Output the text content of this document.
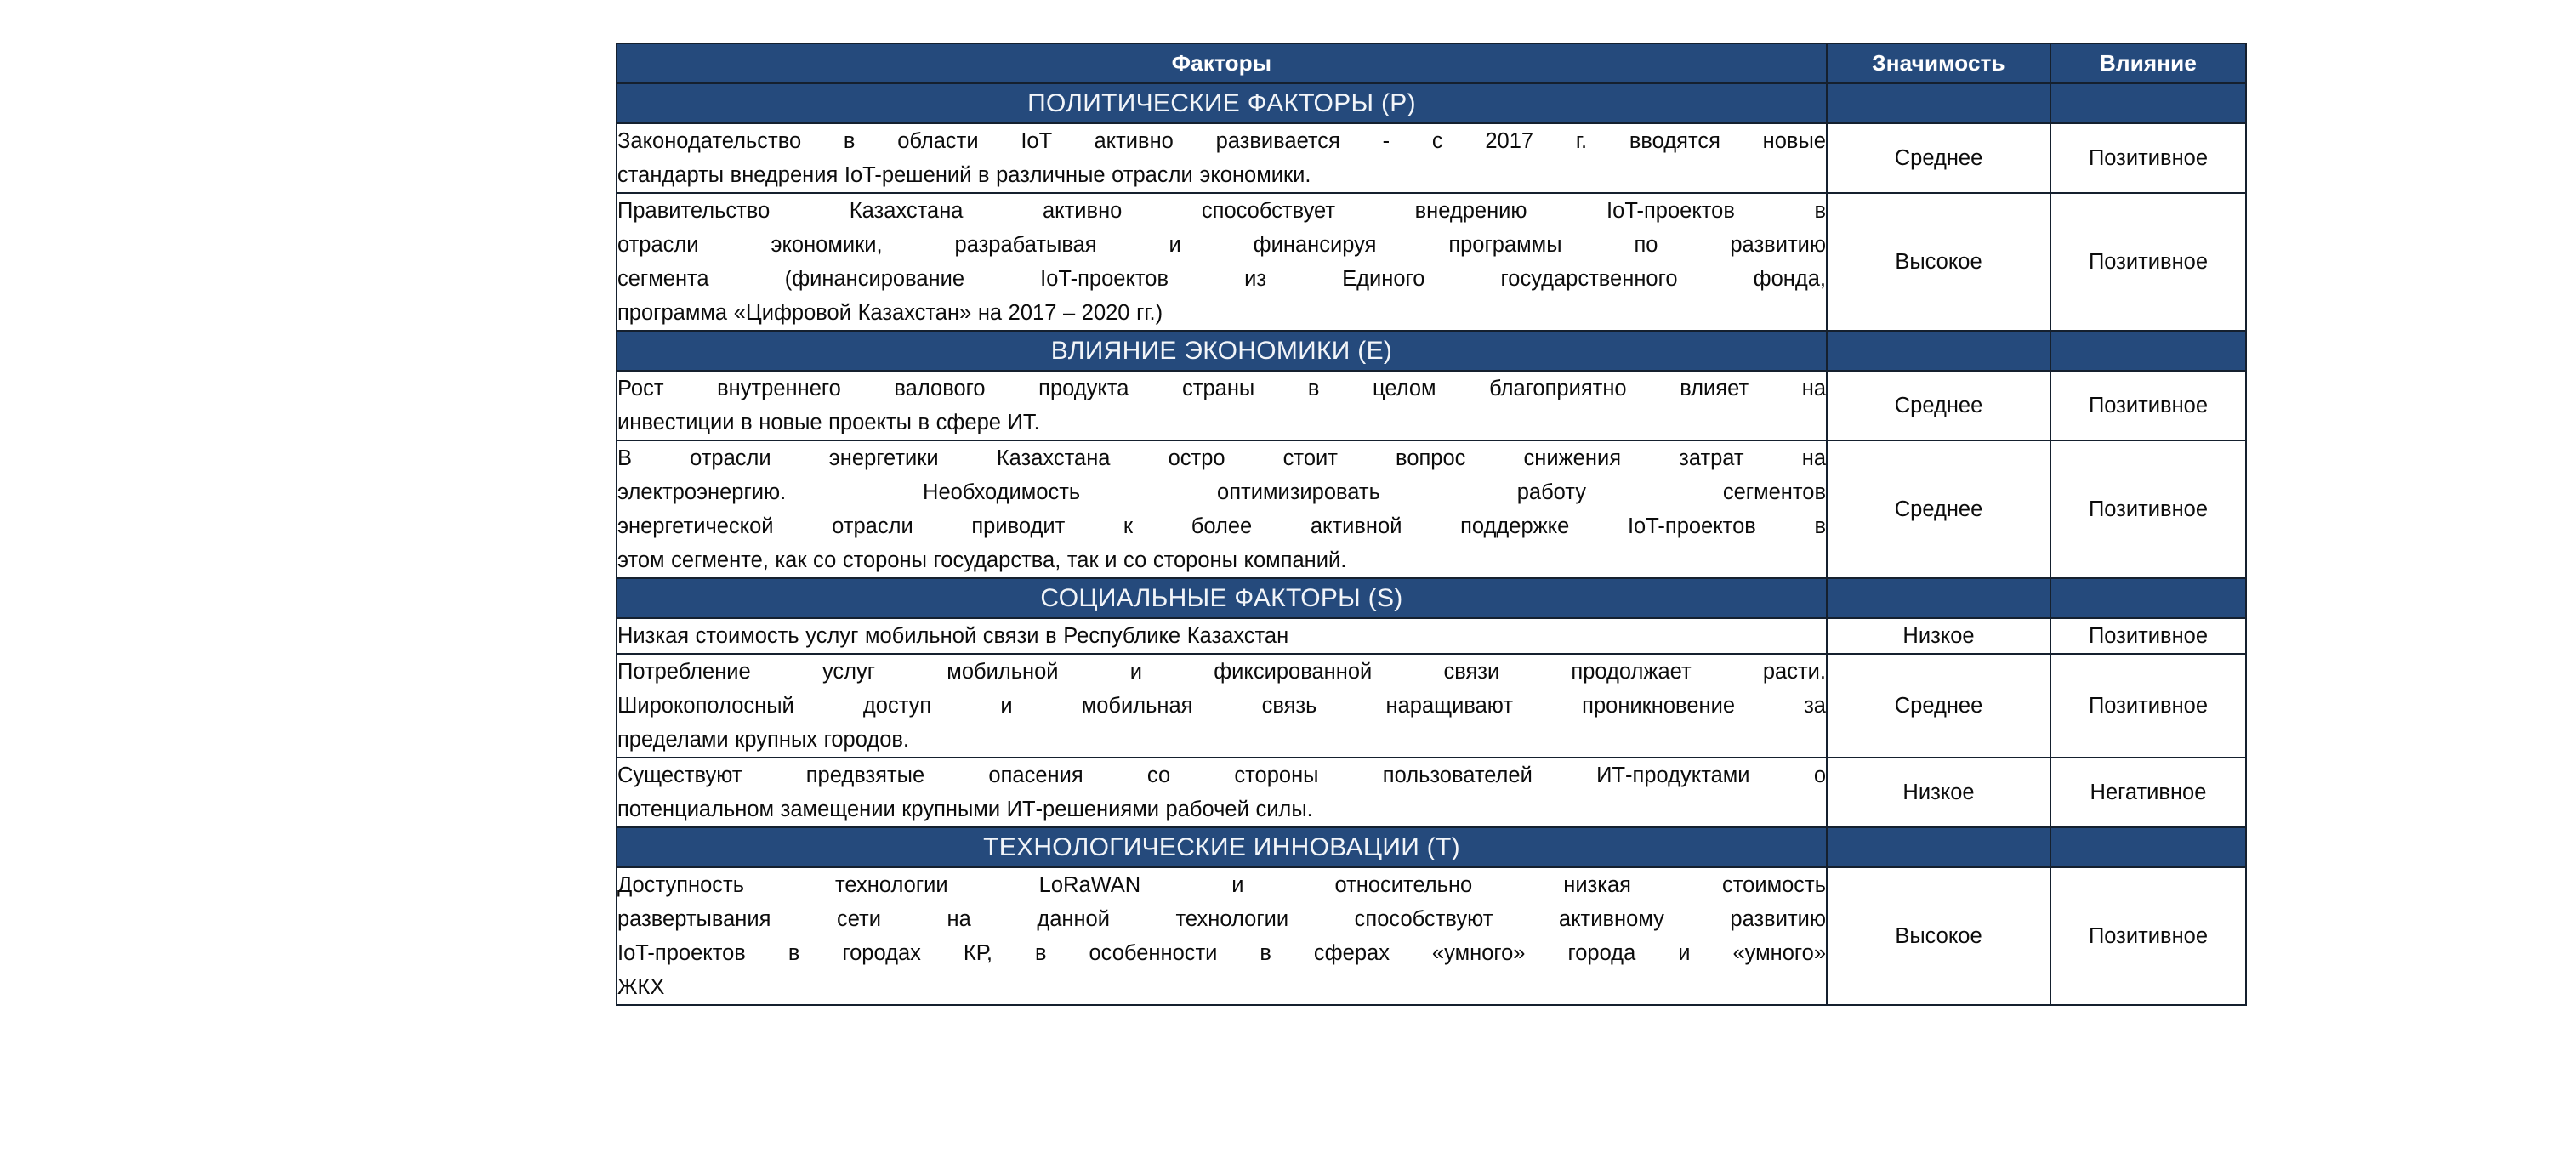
Факторы	Значимость	Влияние
ПОЛИТИЧЕСКИЕ ФАКТОРЫ (P)		

Законодательство в области IoT активно развивается - с 2017 г. вводятся новые
стандарты внедрения IoT-решений в различные отрасли экономики.	Среднее	Позитивное

Правительство Казахстана активно способствует внедрению IoT-проектов в
отрасли экономики, разрабатывая и финансируя программы по развитию
сегмента (финансирование IoT-проектов из Единого государственного фонда,
программа «Цифровой Казахстан» на 2017 – 2020 гг.)	Высокое	Позитивное
ВЛИЯНИЕ ЭКОНОМИКИ (E)		

Рост внутреннего валового продукта страны в целом благоприятно влияет на
инвестиции в новые проекты в сфере ИТ.	Среднее	Позитивное

В отрасли энергетики Казахстана остро стоит вопрос снижения затрат на
электроэнергию. Необходимость оптимизировать работу сегментов
энергетической отрасли приводит к более активной поддержке IoT-проектов в
этом сегменте, как со стороны государства, так и со стороны компаний.	Среднее	Позитивное
СОЦИАЛЬНЫЕ ФАКТОРЫ (S)		

Низкая стоимость услуг мобильной связи в Республике Казахстан	Низкое	Позитивное

Потребление услуг мобильной и фиксированной связи продолжает расти.
Широкополосный доступ и мобильная связь наращивают проникновение за
пределами крупных городов.	Среднее	Позитивное

Существуют предвзятые опасения со стороны пользователей ИТ-продуктами о
потенциальном замещении крупными ИТ-решениями рабочей силы.	Низкое	Негативное
ТЕХНОЛОГИЧЕСКИЕ ИННОВАЦИИ (T)		

Доступность технологии LoRaWAN и относительно низкая стоимость
развертывания сети на данной технологии способствуют активному развитию
IoT-проектов в городах КР, в особенности в сферах «умного» города и «умного»
ЖКХ	Высокое	Позитивное
